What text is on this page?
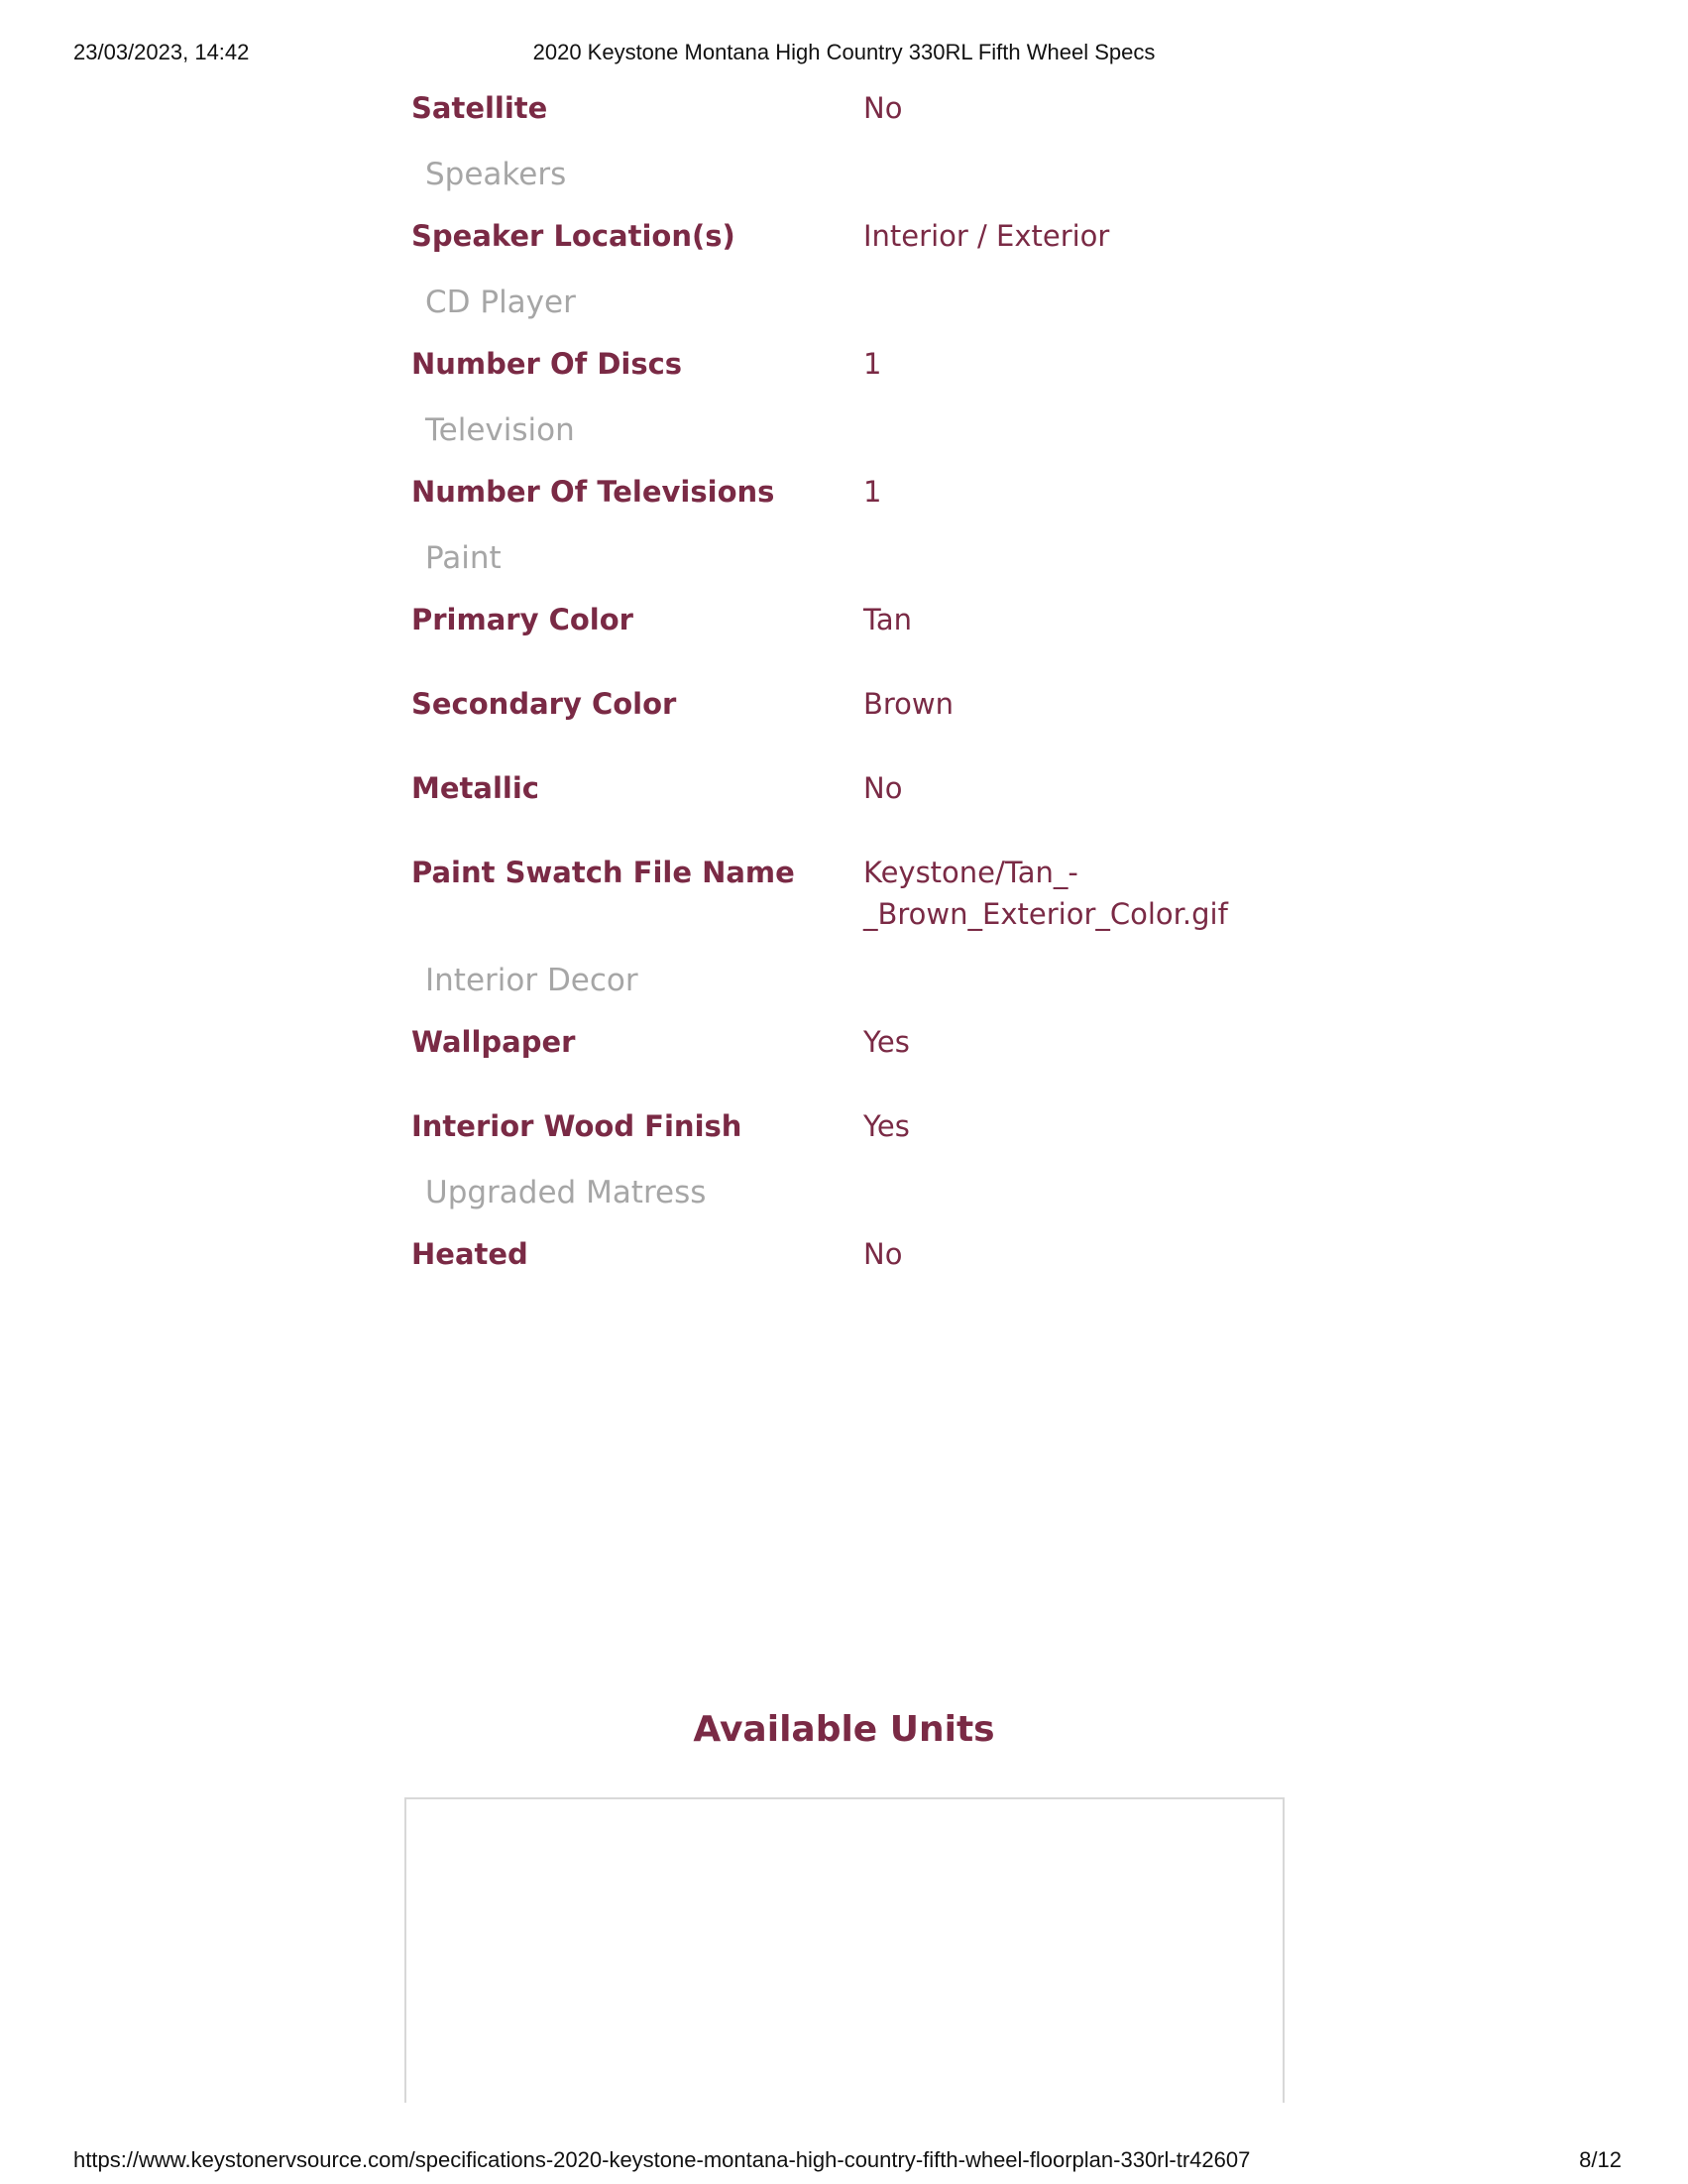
23/03/2023, 14:42	2020 Keystone Montana High Country 330RL Fifth Wheel Specs
Satellite	No
Speakers
Speaker Location(s)	Interior / Exterior
CD Player
Number Of Discs	1
Television
Number Of Televisions	1
Paint
Primary Color	Tan
Secondary Color	Brown
Metallic	No
Paint Swatch File Name	Keystone/Tan_-
_Brown_Exterior_Color.gif
Interior Decor
Wallpaper	Yes
Interior Wood Finish	Yes
Upgraded Matress
Heated	No
Available Units
https://www.keystonervsource.com/specifications-2020-keystone-montana-high-country-fifth-wheel-floorplan-330rl-tr42607	8/12
